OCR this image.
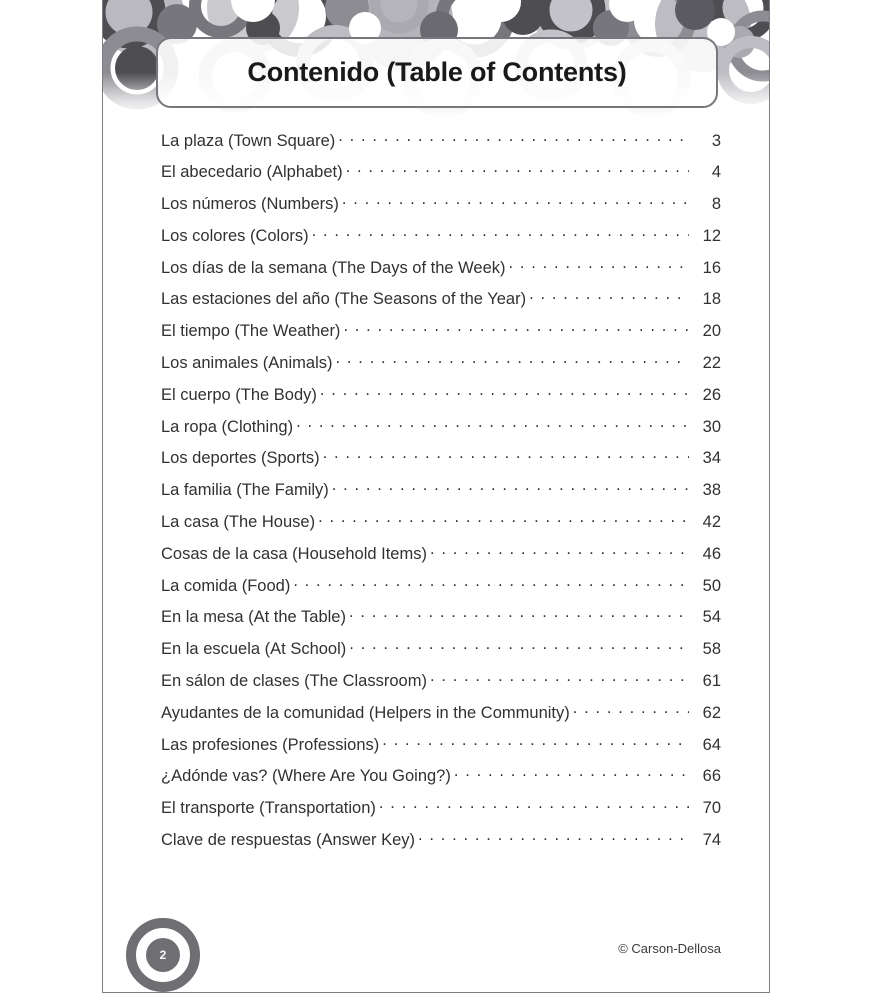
Contenido (Table of Contents)
La plaza (Town Square) . . .	3
El abecedario (Alphabet) . . .	4
Los números (Numbers) . . .	8
Los colores (Colors) . . .	12
Los días de la semana (The Days of the Week) . . .	16
Las estaciones del año (The Seasons of the Year) . . .	18
El tiempo (The Weather) . . .	20
Los animales (Animals) . . .	22
El cuerpo (The Body) . . .	26
La ropa (Clothing) . . .	30
Los deportes (Sports) . . .	34
La familia (The Family) . . .	38
La casa (The House) . . .	42
Cosas de la casa (Household Items) . . .	46
La comida (Food) . . .	50
En la mesa (At the Table) . . .	54
En la escuela (At School) . . .	58
En sálon de clases (The Classroom) . . .	61
Ayudantes de la comunidad (Helpers in the Community) . . .	62
Las profesiones (Professions) . . .	64
¿Adónde vas? (Where Are You Going?) . . .	66
El transporte (Transportation) . . .	70
Clave de respuestas (Answer Key) . . .	74
2	© Carson-Dellosa
